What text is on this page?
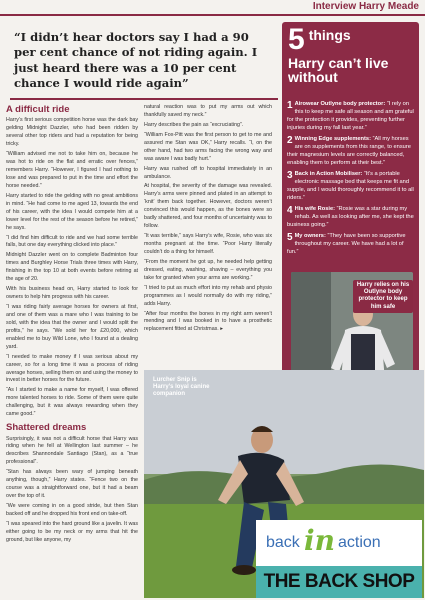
Interview Harry Meade
“I didn’t hear doctors say I had a 90 per cent chance of not riding again. I just heard there was a 10 per cent chance I would ride again”
A difficult ride

Harry’s first serious competition horse was the dark bay gelding Midnight Dazzler, who had been ridden by several other top riders and had a reputation for being tricky.

“William advised me not to take him on, because he was hot to ride on the flat and erratic over fences,” remembers Harry. “However, I figured I had nothing to lose and was prepared to put in the time and effort the horse needed.”

Harry started to ride the gelding with no great ambitions in mind. “He had come to me aged 13, towards the end of his career, with the idea I would compete him at a lower level for the rest of the season before he retired,” he says.

“I did find him difficult to ride and we had some terrible falls, but one day everything clicked into place.”

Midnight Dazzler went on to complete Badminton four times and Burghley Horse Trials three times with Harry, finishing in the top 10 at both events before retiring at the age of 20.

With his business head on, Harry started to look for owners to help him progress with his career.

“I was riding fairly average horses for owners at first, and one of them was a mare who I was training to be sold, with the idea that the owner and I would split the profits,” he says. “We sold her for £20,000, which enabled me to buy Wild Lone, who I found at a dealing yard.

“I needed to make money if I was serious about my career, so for a long time it was a process of riding average horses, selling them on and using the money to invest in better horses for the future.

“As I started to make a name for myself, I was offered more talented horses to ride. Some of them were quite challenging, but it was always rewarding when they came good.”

Shattered dreams

Surprisingly, it was not a difficult horse that Harry was riding when he fell at Wellington last summer – he describes Shannondale Santiago (Stan), as a “true professional”.

“Stan has always been wary of jumping beneath anything, though,” Harry states. “Fence two on the course was a straightforward one, but it had a beam over the top of it.

“We were coming in on a good stride, but then Stan backed off and he dropped his front end on take-off.

“I was speared into the hard ground like a javelin. It was either going to be my neck or my arms that hit the ground, but like anyone, my

natural reaction was to put my arms out which thankfully saved my neck.”

Harry describes the pain as “excruciating”.

“William Fox-Pitt was the first person to get to me and assured me Stan was OK,” Harry recalls. “I, on the other hand, had two arms facing the wrong way and was aware I was badly hurt.”

Harry was rushed off to hospital immediately in an ambulance.

At hospital, the severity of the damage was revealed. Harry’s arms were pinned and plated in an attempt to ‘knit’ them back together. However, doctors weren’t convinced this would happen, as the bones were so badly shattered, and four months of uncertainty was to follow.

“It was terrible,” says Harry’s wife, Rosie, who was six months pregnant at the time. “Poor Harry literally couldn’t do a thing for himself.

“From the moment he got up, he needed help getting dressed, eating, washing, shaving – everything you take for granted when your arms are working.”

“I tried to put as much effort into my rehab and physio programmes as I would normally do with my riding,” adds Harry.

“After four months the bones in my right arm weren’t mending and I was booked in to have a prosthetic replacement fitted at Christmas. ▸

5 things
Harry can’t live without
1 Airowear Outlyne body protector: “I rely on this to keep me safe all season and am grateful for the protection it provides, preventing further injuries during my fall last year.”
2 Winning Edge supplements: “All my horses are on supplements from this range, to ensure their magnesium levels are correctly balanced, enabling them to perform at their best.”
3 Back in Action Mobiliser: “It’s a portable electronic massage bed that keeps me fit and supple, and I would thoroughly recommend it to all riders.”
4 His wife Rosie: “Rosie was a star during my rehab. As well as looking after me, she kept the business going.”
5 My owners: “They have been so supportive throughout my career. We have had a lot of fun.”
Harry relies on his Outlyne body protector to keep him safe
Lurcher Snip is Harry’s loyal canine companion
back in action
THE BACK SHOP
